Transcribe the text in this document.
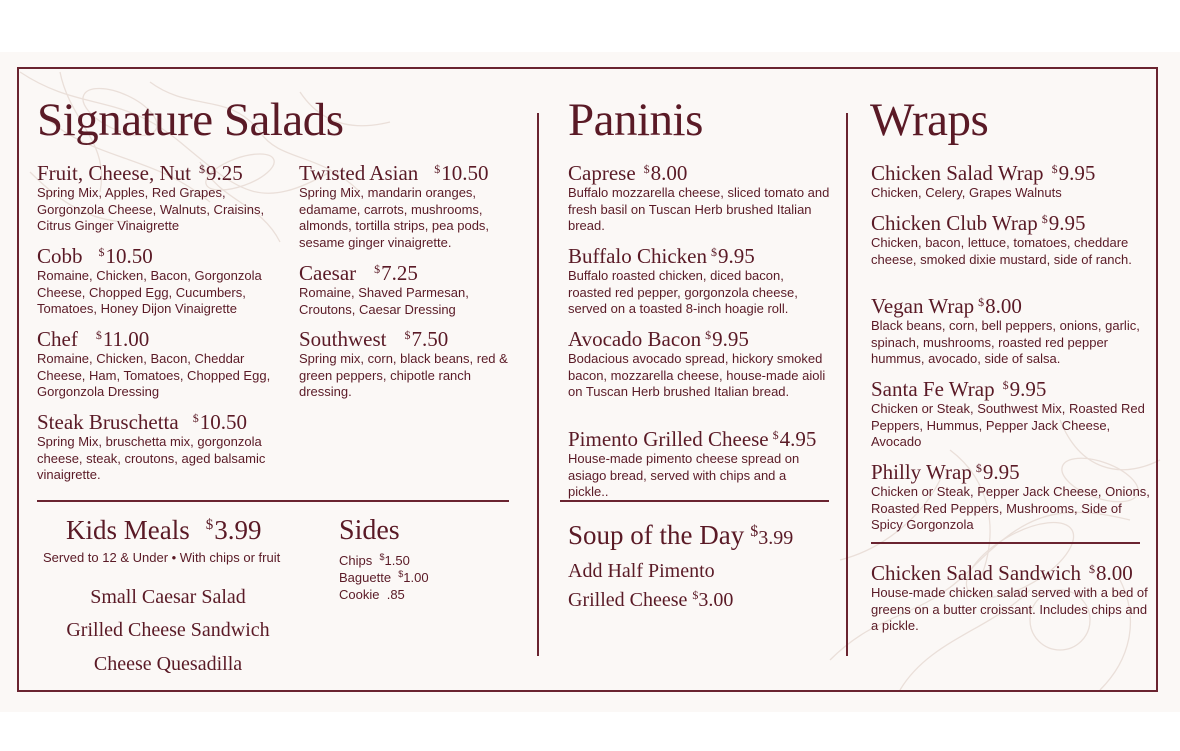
Signature Salads
Fruit, Cheese, Nut $9.25
Spring Mix, Apples, Red Grapes, Gorgonzola Cheese, Walnuts, Craisins, Citrus Ginger Vinaigrette
Cobb $10.50
Romaine, Chicken, Bacon, Gorgonzola Cheese, Chopped Egg, Cucumbers, Tomatoes, Honey Dijon Vinaigrette
Chef $11.00
Romaine, Chicken, Bacon, Cheddar Cheese, Ham, Tomatoes, Chopped Egg, Gorgonzola Dressing
Steak Bruschetta $10.50
Spring Mix, bruschetta mix, gorgonzola cheese, steak, croutons, aged balsamic vinaigrette.
Twisted Asian $10.50
Spring Mix, mandarin oranges, edamame, carrots, mushrooms, almonds, tortilla strips, pea pods, sesame ginger vinaigrette.
Caesar $7.25
Romaine, Shaved Parmesan, Croutons, Caesar Dressing
Southwest $7.50
Spring mix, corn, black beans, red & green peppers, chipotle ranch dressing.
Kids Meals $3.99
Served to 12 & Under • With chips or fruit
Small Caesar Salad
Grilled Cheese Sandwich
Cheese Quesadilla
Sides
Chips $1.50
Baguette $1.00
Cookie .85
Paninis
Caprese $8.00
Buffalo mozzarella cheese, sliced tomato and fresh basil on Tuscan Herb brushed Italian bread.
Buffalo Chicken $9.95
Buffalo roasted chicken, diced bacon, roasted red pepper, gorgonzola cheese, served on a toasted 8-inch hoagie roll.
Avocado Bacon $9.95
Bodacious avocado spread, hickory smoked bacon, mozzarella cheese, house-made aioli on Tuscan Herb brushed Italian bread.
Pimento Grilled Cheese $4.95
House-made pimento cheese spread on asiago bread, served with chips and a pickle..
Soup of the Day $3.99
Add Half Pimento
Grilled Cheese $3.00
Wraps
Chicken Salad Wrap $9.95
Chicken, Celery, Grapes Walnuts
Chicken Club Wrap $9.95
Chicken, bacon, lettuce, tomatoes, cheddare cheese, smoked dixie mustard, side of ranch.
Vegan Wrap $8.00
Black beans, corn, bell peppers, onions, garlic, spinach, mushrooms, roasted red pepper hummus, avocado, side of salsa.
Santa Fe Wrap $9.95
Chicken or Steak, Southwest Mix, Roasted Red Peppers, Hummus, Pepper Jack Cheese, Avocado
Philly Wrap $9.95
Chicken or Steak, Pepper Jack Cheese, Onions, Roasted Red Peppers, Mushrooms, Side of Spicy Gorgonzola
Chicken Salad Sandwich $8.00
House-made chicken salad served with a bed of greens on a butter croissant. Includes chips and a pickle.
